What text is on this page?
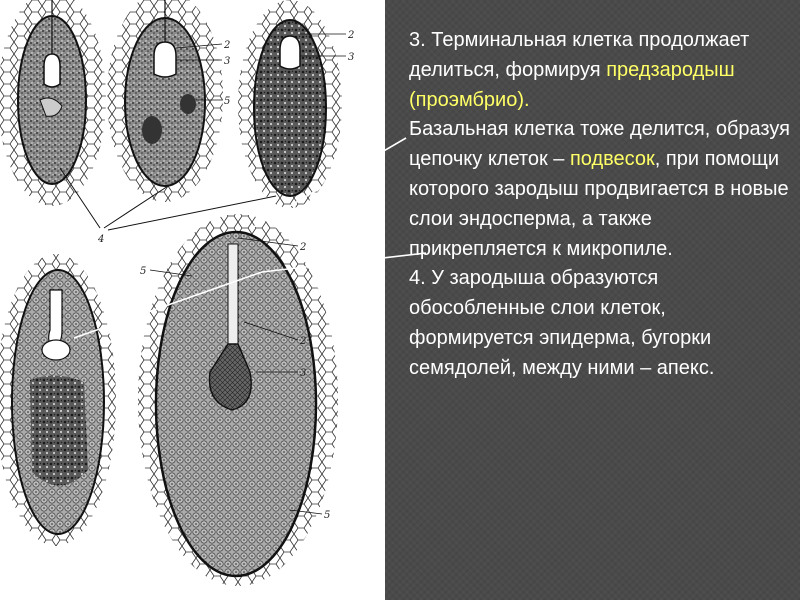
2
3
5
2
3
4
5
2
2
3
5
3. Терминальная клетка продолжает делиться, формируя предзародыш (проэмбрио).
Базальная клетка тоже делится, образуя цепочку клеток – подвесок, при помощи которого зародыш продвигается в новые слои эндосперма, а также прикрепляется к микропиле.
4. У зародыша образуются обособленные слои клеток, формируется эпидерма, бугорки семядолей, между ними – апекс.
